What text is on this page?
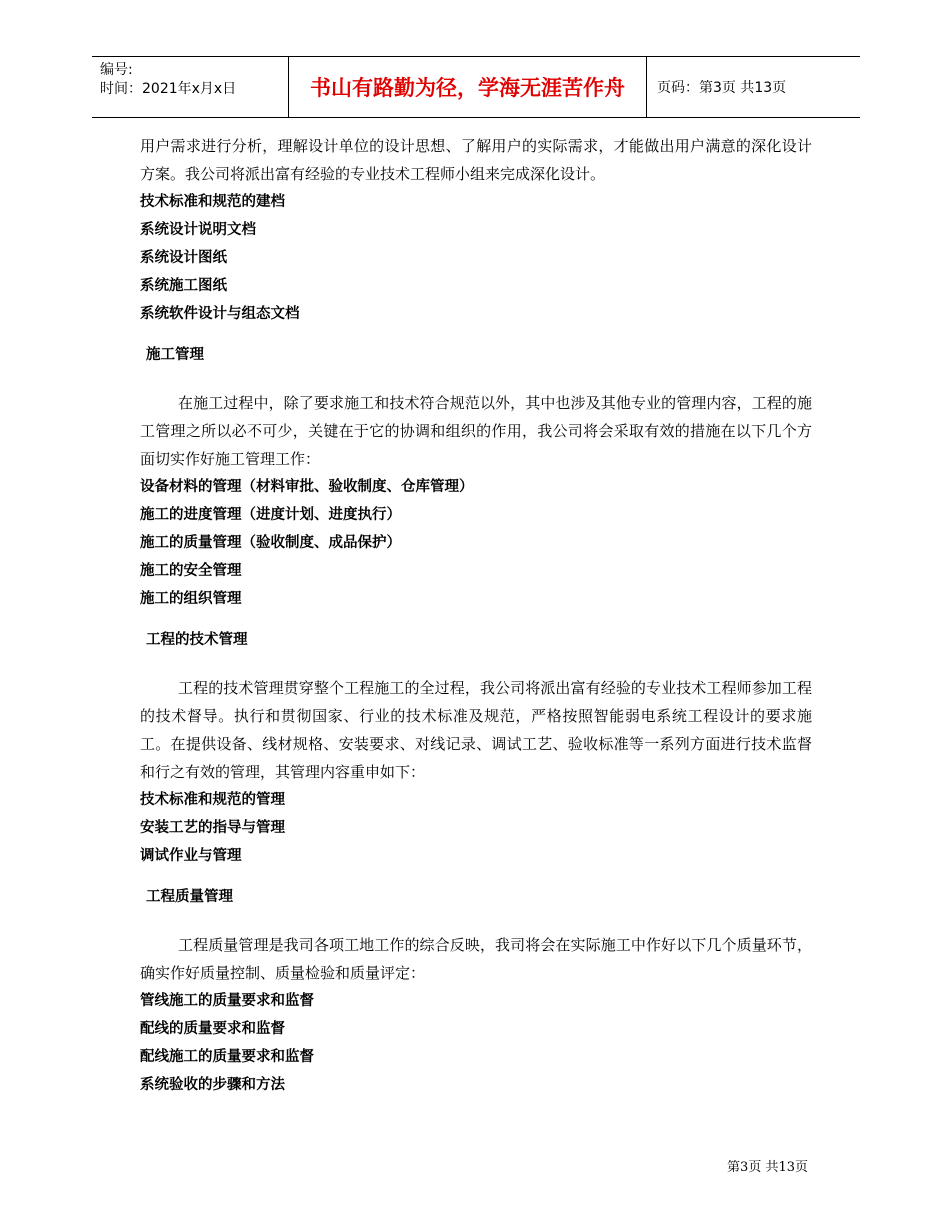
编号:
时间：2021年x月x日	书山有路勤为径，学海无涯苦作舟	页码：第3页 共13页
用户需求进行分析，理解设计单位的设计思想、了解用户的实际需求，才能做出用户满意的深化设计方案。我公司将派出富有经验的专业技术工程师小组来完成深化设计。
技术标准和规范的建档
系统设计说明文档
系统设计图纸
系统施工图纸
系统软件设计与组态文档
施工管理
在施工过程中，除了要求施工和技术符合规范以外，其中也涉及其他专业的管理内容，工程的施工管理之所以必不可少，关键在于它的协调和组织的作用，我公司将会采取有效的措施在以下几个方面切实作好施工管理工作：
设备材料的管理（材料审批、验收制度、仓库管理）
施工的进度管理（进度计划、进度执行）
施工的质量管理（验收制度、成品保护）
施工的安全管理
施工的组织管理
工程的技术管理
工程的技术管理贯穿整个工程施工的全过程，我公司将派出富有经验的专业技术工程师参加工程的技术督导。执行和贯彻国家、行业的技术标准及规范，严格按照智能弱电系统工程设计的要求施工。在提供设备、线材规格、安装要求、对线记录、调试工艺、验收标准等一系列方面进行技术监督和行之有效的管理，其管理内容重申如下：
技术标准和规范的管理
安装工艺的指导与管理
调试作业与管理
工程质量管理
工程质量管理是我司各项工地工作的综合反映，我司将会在实际施工中作好以下几个质量环节，确实作好质量控制、质量检验和质量评定：
管线施工的质量要求和监督
配线的质量要求和监督
配线施工的质量要求和监督
系统验收的步骤和方法
第3页 共13页
